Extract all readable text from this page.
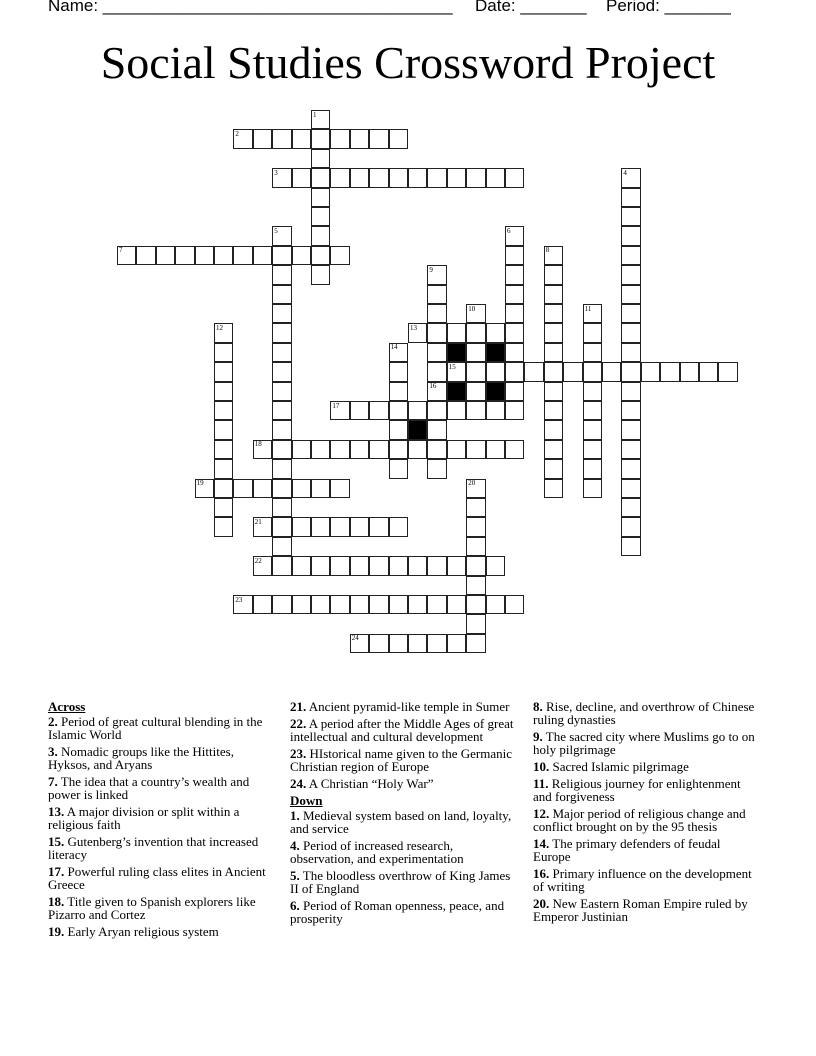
Name: _____________________________________ Date: _______ Period: _______
Social Studies Crossword Project
2
3
7
13
15
16
17
18
19
21
22
23
24
1
4
5	6
8
9
10	11
12
14
20
Across
2. Period of great cultural blending in the Islamic World
3. Nomadic groups like the Hittites, Hyksos, and Aryans
7. The idea that a country’s wealth and power is linked
13. A major division or split within a religious faith
15. Gutenberg’s invention that increased literacy
17. Powerful ruling class elites in Ancient Greece
18. Title given to Spanish explorers like Pizarro and Cortez
19. Early Aryan religious system
21. Ancient pyramid-like temple in Sumer
22. A period after the Middle Ages of great intellectual and cultural development
23. HIstorical name given to the Germanic Christian region of Europe
24. A Christian “Holy War”
Down
1. Medieval system based on land, loyalty, and service
4. Period of increased research, observation, and experimentation
5. The bloodless overthrow of King James II of England
6. Period of Roman openness, peace, and prosperity
8. Rise, decline, and overthrow of Chinese ruling dynasties
9. The sacred city where Muslims go to on holy pilgrimage
10. Sacred Islamic pilgrimage
11. Religious journey for enlightenment and forgiveness
12. Major period of religious change and conflict brought on by the 95 thesis
14. The primary defenders of feudal Europe
16. Primary influence on the development of writing
20. New Eastern Roman Empire ruled by Emperor Justinian
